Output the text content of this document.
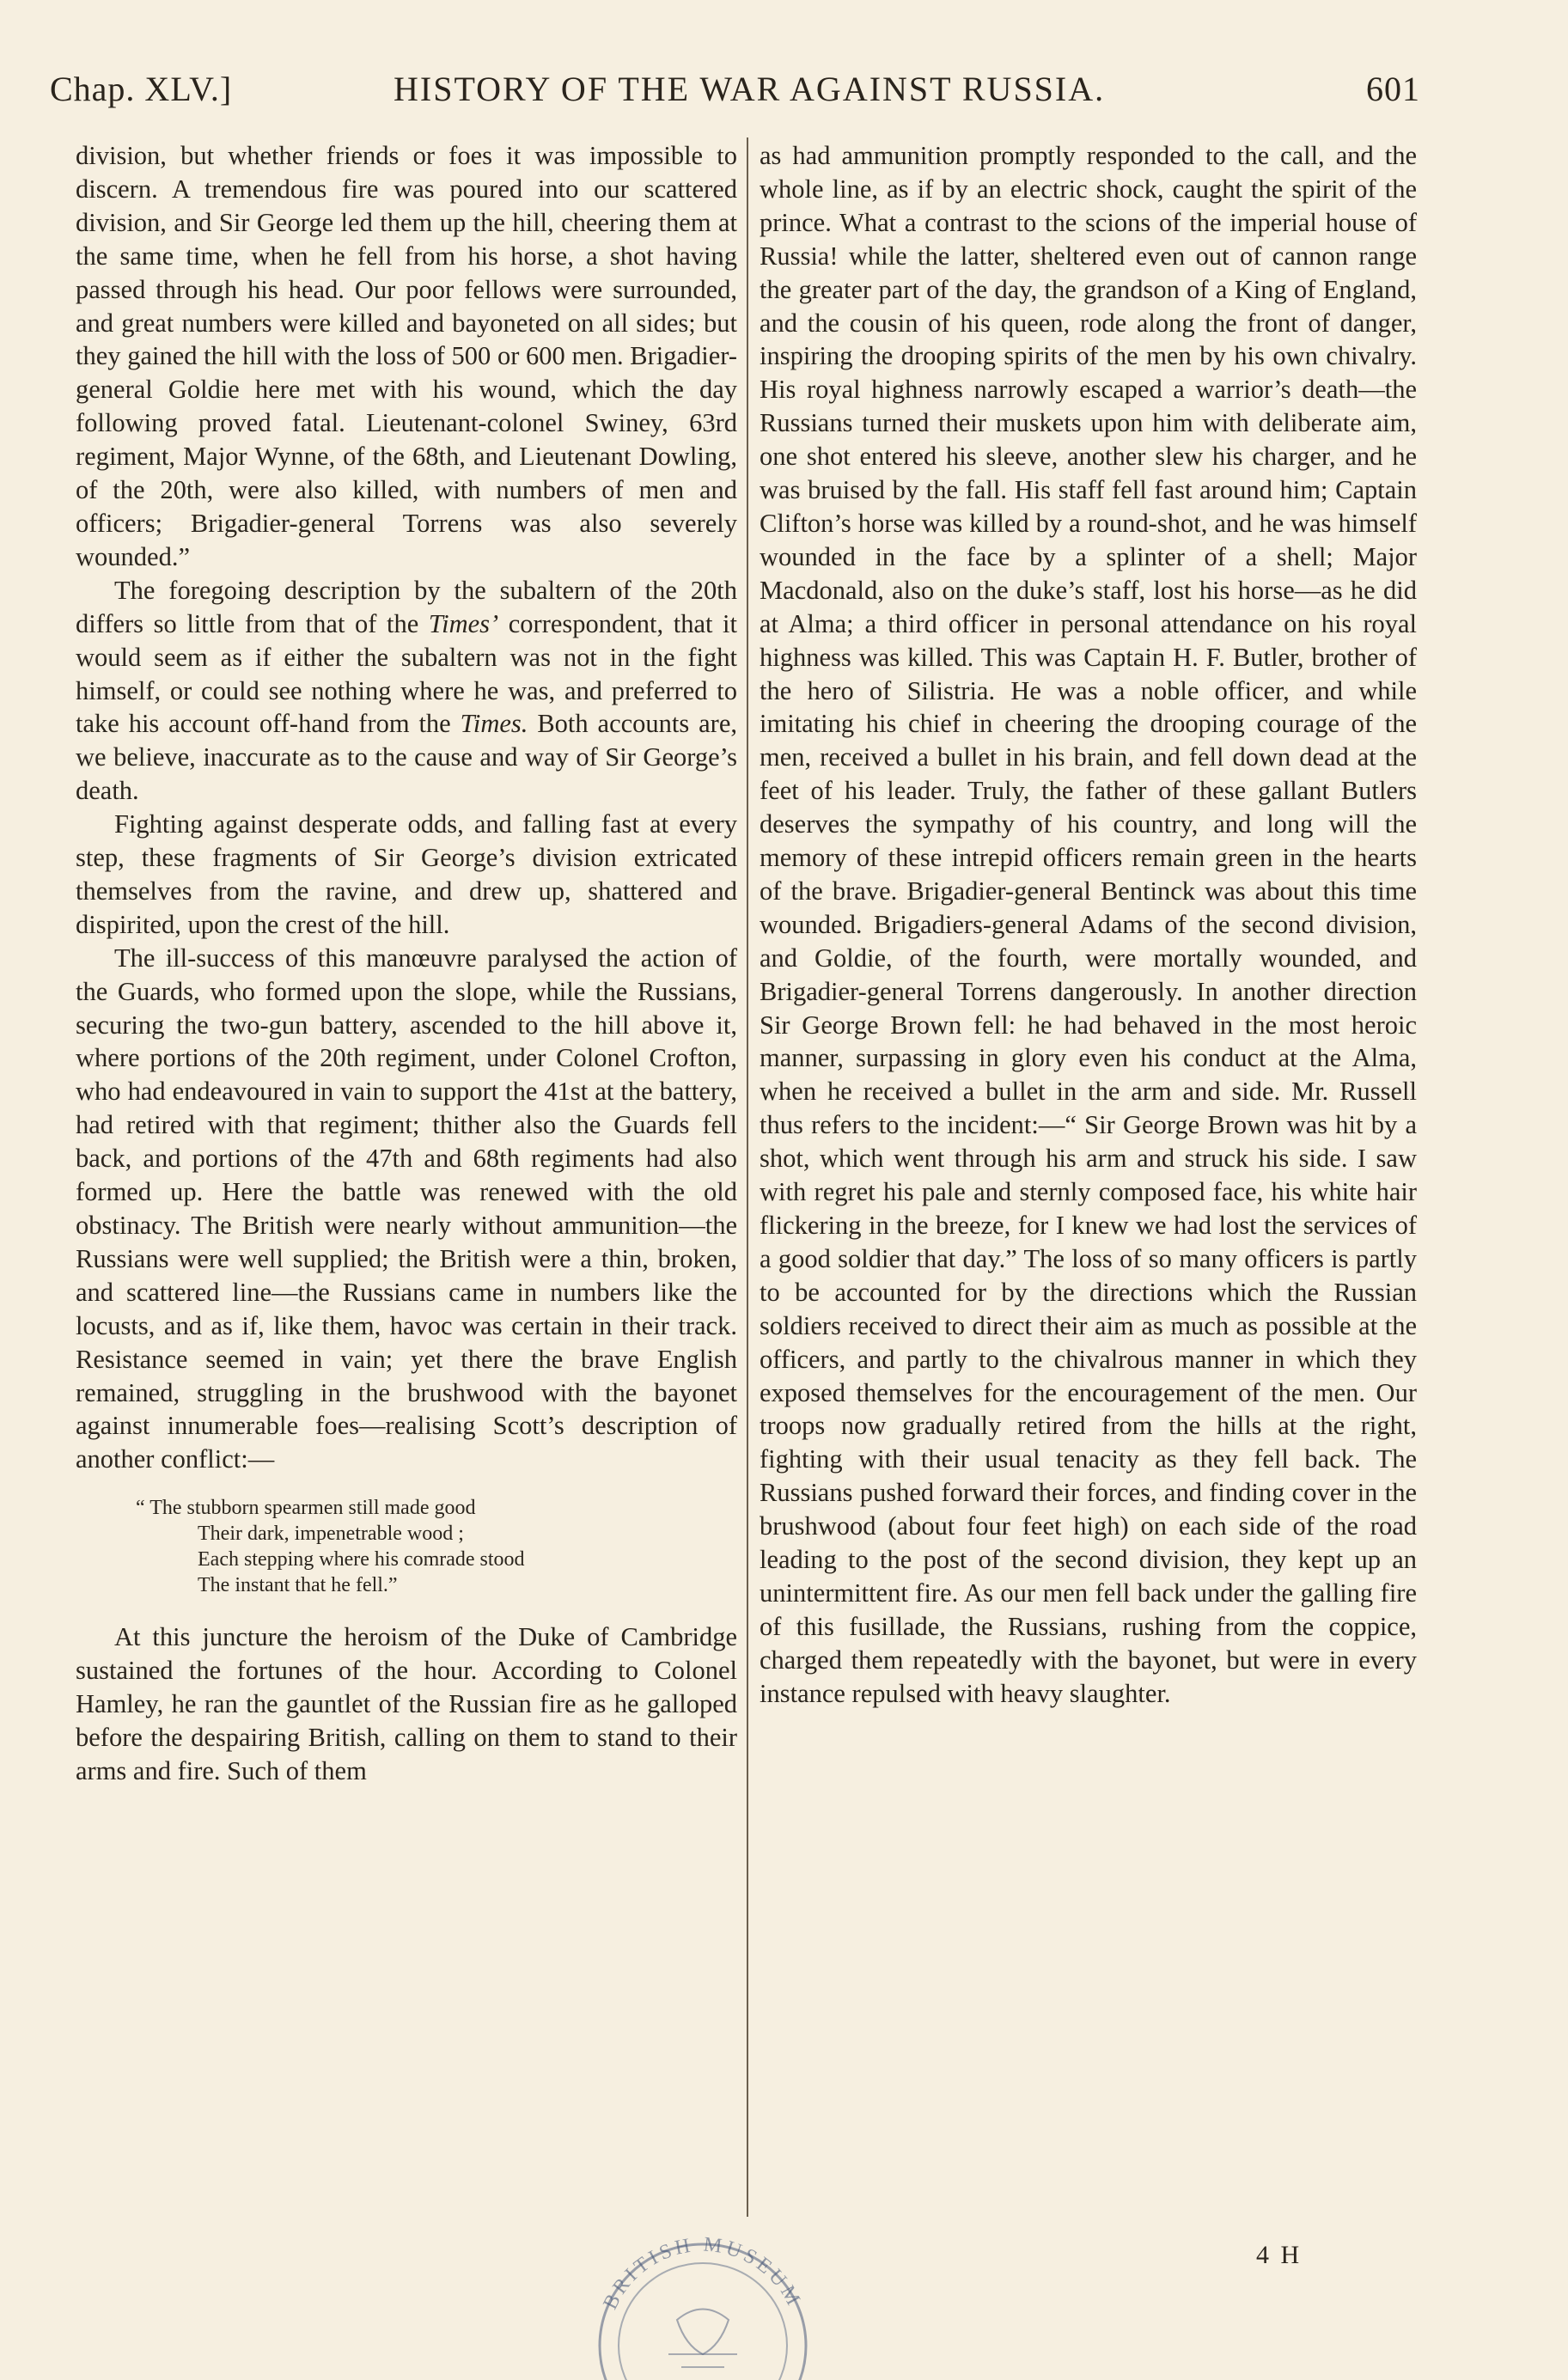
Chap. XLV.]	HISTORY OF THE WAR AGAINST RUSSIA.	601

division, but whether friends or foes it was impossible to discern. A tremendous fire was poured into our scattered division, and Sir George led them up the hill, cheering them at the same time, when he fell from his horse, a shot having passed through his head. Our poor fellows were surrounded, and great numbers were killed and bayoneted on all sides; but they gained the hill with the loss of 500 or 600 men. Brigadier-general Goldie here met with his wound, which the day following proved fatal. Lieutenant-colonel Swiney, 63rd regiment, Major Wynne, of the 68th, and Lieutenant Dowling, of the 20th, were also killed, with numbers of men and officers; Brigadier-general Torrens was also severely wounded.”

The foregoing description by the subaltern of the 20th differs so little from that of the Times’ correspondent, that it would seem as if either the subaltern was not in the fight himself, or could see nothing where he was, and preferred to take his account off-hand from the Times. Both accounts are, we believe, inaccurate as to the cause and way of Sir George’s death.

Fighting against desperate odds, and falling fast at every step, these fragments of Sir George’s division extricated themselves from the ravine, and drew up, shattered and dispirited, upon the crest of the hill.

The ill-success of this manœuvre paralysed the action of the Guards, who formed upon the slope, while the Russians, securing the two-gun battery, ascended to the hill above it, where portions of the 20th regiment, under Colonel Crofton, who had endeavoured in vain to support the 41st at the battery, had retired with that regiment; thither also the Guards fell back, and portions of the 47th and 68th regiments had also formed up. Here the battle was renewed with the old obstinacy. The British were nearly without ammunition—the Russians were well supplied; the British were a thin, broken, and scattered line—the Russians came in numbers like the locusts, and as if, like them, havoc was certain in their track. Resistance seemed in vain; yet there the brave English remained, struggling in the brushwood with the bayonet against innumerable foes—realising Scott’s description of another conflict:—

“ The stubborn spearmen still made good
Their dark, impenetrable wood ;
Each stepping where his comrade stood
The instant that he fell.”

At this juncture the heroism of the Duke of Cambridge sustained the fortunes of the hour. According to Colonel Hamley, he ran the gauntlet of the Russian fire as he galloped before the despairing British, calling on them to stand to their arms and fire. Such of them

as had ammunition promptly responded to the call, and the whole line, as if by an electric shock, caught the spirit of the prince. What a contrast to the scions of the imperial house of Russia! while the latter, sheltered even out of cannon range the greater part of the day, the grandson of a King of England, and the cousin of his queen, rode along the front of danger, inspiring the drooping spirits of the men by his own chivalry. His royal highness narrowly escaped a warrior’s death—the Russians turned their muskets upon him with deliberate aim, one shot entered his sleeve, another slew his charger, and he was bruised by the fall. His staff fell fast around him; Captain Clifton’s horse was killed by a round-shot, and he was himself wounded in the face by a splinter of a shell; Major Macdonald, also on the duke’s staff, lost his horse—as he did at Alma; a third officer in personal attendance on his royal highness was killed. This was Captain H. F. Butler, brother of the hero of Silistria. He was a noble officer, and while imitating his chief in cheering the drooping courage of the men, received a bullet in his brain, and fell down dead at the feet of his leader. Truly, the father of these gallant Butlers deserves the sympathy of his country, and long will the memory of these intrepid officers remain green in the hearts of the brave. Brigadier-general Bentinck was about this time wounded. Brigadiers-general Adams of the second division, and Goldie, of the fourth, were mortally wounded, and Brigadier-general Torrens dangerously. In another direction Sir George Brown fell: he had behaved in the most heroic manner, surpassing in glory even his conduct at the Alma, when he received a bullet in the arm and side. Mr. Russell thus refers to the incident:—“ Sir George Brown was hit by a shot, which went through his arm and struck his side. I saw with regret his pale and sternly composed face, his white hair flickering in the breeze, for I knew we had lost the services of a good soldier that day.” The loss of so many officers is partly to be accounted for by the directions which the Russian soldiers received to direct their aim as much as possible at the officers, and partly to the chivalrous manner in which they exposed themselves for the encouragement of the men. Our troops now gradually retired from the hills at the right, fighting with their usual tenacity as they fell back. The Russians pushed forward their forces, and finding cover in the brushwood (about four feet high) on each side of the road leading to the post of the second division, they kept up an unintermittent fire. As our men fell back under the galling fire of this fusillade, the Russians, rushing from the coppice, charged them repeatedly with the bayonet, but were in every instance repulsed with heavy slaughter.

4 H
BRITISH MUSEUM
